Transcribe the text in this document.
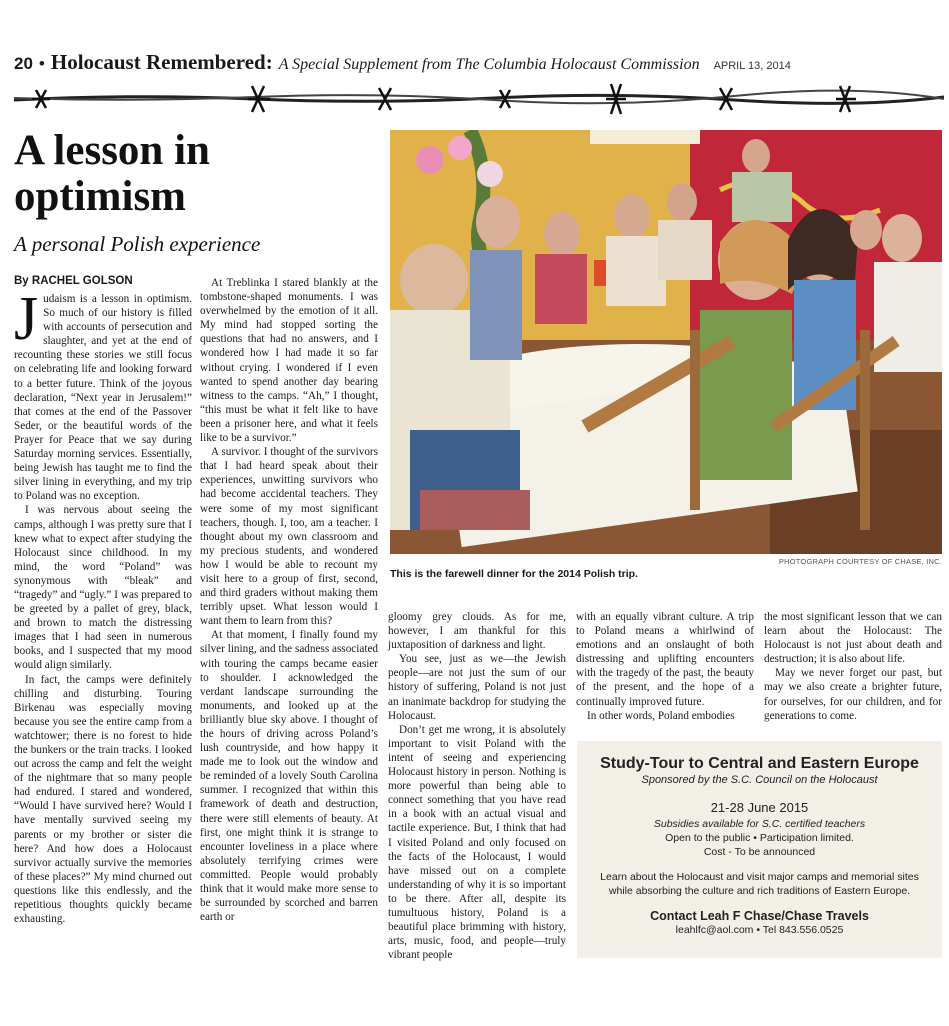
20 • Holocaust Remembered: A Special Supplement from The Columbia Holocaust Commission APRIL 13, 2014
A lesson in optimism
A personal Polish experience
By RACHEL GOLSON

Judaism is a lesson in optimism. So much of our history is filled with accounts of persecution and slaughter, and yet at the end of recounting these stories we still focus on celebrating life and looking forward to a better future. Think of the joyous declaration, “Next year in Jerusalem!” that comes at the end of the Passover Seder, or the beautiful words of the Prayer for Peace that we say during Saturday morning services. Essentially, being Jewish has taught me to find the silver lining in everything, and my trip to Poland was no exception.

I was nervous about seeing the camps, although I was pretty sure that I knew what to expect after studying the Holocaust since childhood. In my mind, the word “Poland” was synonymous with “bleak” and “tragedy” and “ugly.” I was prepared to be greeted by a pallet of grey, black, and brown to match the distressing images that I had seen in numerous books, and I suspected that my mood would align similarly.

In fact, the camps were definitely chilling and disturbing. Touring Birkenau was especially moving because you see the entire camp from a watchtower; there is no forest to hide the bunkers or the train tracks. I looked out across the camp and felt the weight of the nightmare that so many people had endured. I stared and wondered, “Would I have survived here? Would I have mentally survived seeing my parents or my brother or sister die here? And how does a Holocaust survivor actually survive the memories of these places?” My mind churned out questions like this endlessly, and the repetitious thoughts quickly became exhausting.

At Treblinka I stared blankly at the tombstone-shaped monuments. I was overwhelmed by the emotion of it all. My mind had stopped sorting the questions that had no answers, and I wondered how I had made it so far without crying. I wondered if I even wanted to spend another day bearing witness to the camps. “Ah,” I thought, “this must be what it felt like to have been a prisoner here, and what it feels like to be a survivor.”

A survivor. I thought of the survivors that I had heard speak about their experiences, unwitting survivors who had become accidental teachers. They were some of my most significant teachers, though. I, too, am a teacher. I thought about my own classroom and my precious students, and wondered how I would be able to recount my visit here to a group of first, second, and third graders without making them terribly upset. What lesson would I want them to learn from this?

At that moment, I finally found my silver lining, and the sadness associated with touring the camps became easier to shoulder. I acknowledged the verdant landscape surrounding the monuments, and looked up at the brilliantly blue sky above. I thought of the hours of driving across Poland’s lush countryside, and how happy it made me to look out the window and be reminded of a lovely South Carolina summer. I recognized that within this framework of death and destruction, there were still elements of beauty. At first, one might think it is strange to encounter loveliness in a place where absolutely terrifying crimes were committed. People would probably think that it would make more sense to be surrounded by scorched and barren earth or

PHOTOGRAPH COURTESY OF CHASE, INC.
This is the farewell dinner for the 2014 Polish trip.

gloomy grey clouds. As for me, however, I am thankful for this juxtaposition of darkness and light.

You see, just as we—the Jewish people—are not just the sum of our history of suffering, Poland is not just an inanimate backdrop for studying the Holocaust.

Don’t get me wrong, it is absolutely important to visit Poland with the intent of seeing and experiencing Holocaust history in person. Nothing is more powerful than being able to connect something that you have read in a book with an actual visual and tactile experience. But, I think that had I visited Poland and only focused on the facts of the Holocaust, I would have missed out on a complete understanding of why it is so important to be there. After all, despite its tumultuous history, Poland is a beautiful place brimming with history, arts, music, food, and people—truly vibrant people

with an equally vibrant culture. A trip to Poland means a whirlwind of emotions and an onslaught of both distressing and uplifting encounters with the tragedy of the past, the beauty of the present, and the hope of a continually improved future.

In other words, Poland embodies

the most significant lesson that we can learn about the Holocaust: The Holocaust is not just about death and destruction; it is also about life.

May we never forget our past, but may we also create a brighter future, for ourselves, for our children, and for generations to come.

Study-Tour to Central and Eastern Europe
Sponsored by the S.C. Council on the Holocaust
21-28 June 2015
Subsidies available for S.C. certified teachers
Open to the public • Participation limited.
Cost - To be announced
Learn about the Holocaust and visit major camps and memorial sites while absorbing the culture and rich traditions of Eastern Europe.
Contact Leah F Chase/Chase Travels
leahlfc@aol.com • Tel 843.556.0525
